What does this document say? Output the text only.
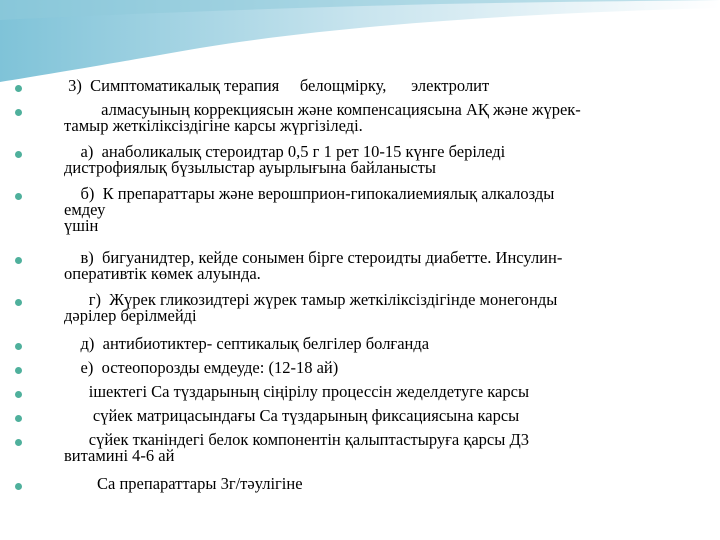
3)  Симптоматикалық терапия     белощмірку,      электролит
алмасуының коррекциясын және компенсациясына АҚ және жүрек-
тамыр жеткіліксіздігіне карсы жүргізіледі.
а)  анаболикалық стероидтар 0,5 г 1 рет 10-15 күнге беріледі
дистрофиялық бүзылыстар ауырлығына байланысты
б)  К препараттары және верошприон-гипокалиемиялық алкалозды
емдеу
үшін
в)  бигуанидтер, кейде сонымен бірге стероидты диабетте. Инсулин-
оперативтік көмек алуында.
г)  Жүрек гликозидтері жүрек тамыр жеткіліксіздігінде монегонды
дәрілер берілмейді
д)  антибиотиктер- септикалық белгілер болғанда
е)  остеопорозды емдеуде: (12-18 ай)
ішектегі Са түздарының сіңірілу процессін жеделдетуге карсы
сүйек матрицасындағы Са түздарының фиксациясына карсы
сүйек тканіндегі белок компонентін қалыптастыруға қарсы Д3
витамині 4-6 ай
Са препараттары 3г/тәулігіне
